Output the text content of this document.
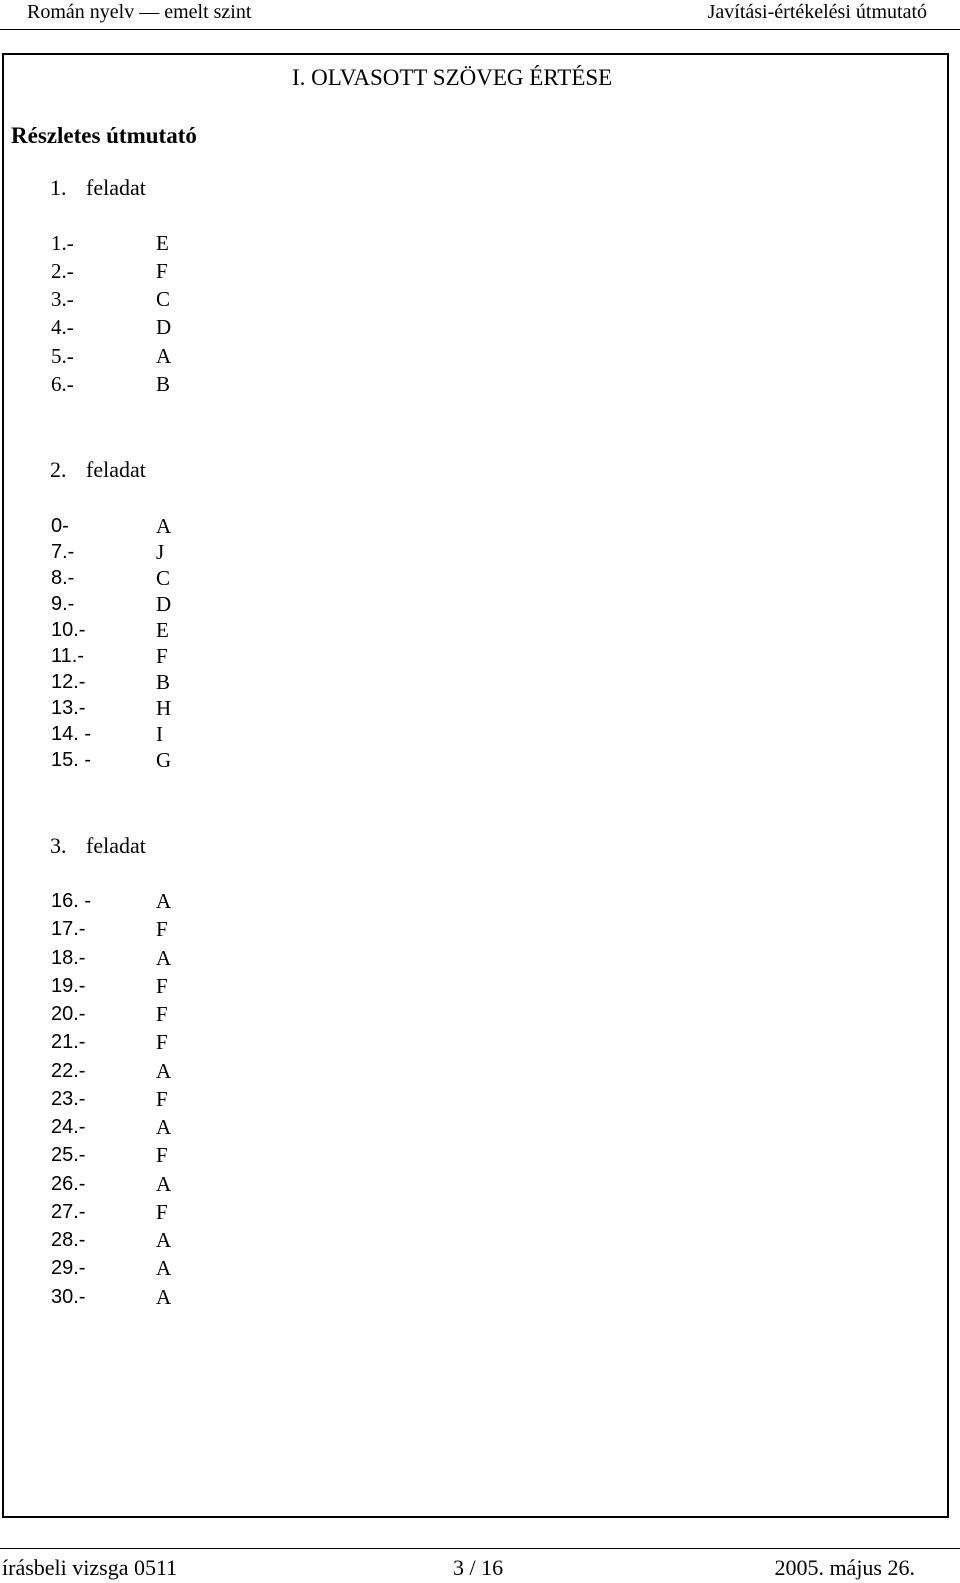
Román nyelv — emelt szint	Javítási-értékelési útmutató
I. OLVASOTT SZÖVEG ÉRTÉSE
Részletes útmutató
1. feladat
1.-	E
2.-	F
3.-	C
4.-	D
5.-	A
6.-	B
2. feladat
0-	A
7.-	J
8.-	C
9.-	D
10.-	E
11.-	F
12.-	B
13.-	H
14. -	I
15. -	G
3. feladat
16. -	A
17.-	F
18.-	A
19.-	F
20.-	F
21.-	F
22.-	A
23.-	F
24.-	A
25.-	F
26.-	A
27.-	F
28.-	A
29.-	A
30.-	A
írásbeli vizsga 0511	3 / 16	2005. május 26.
